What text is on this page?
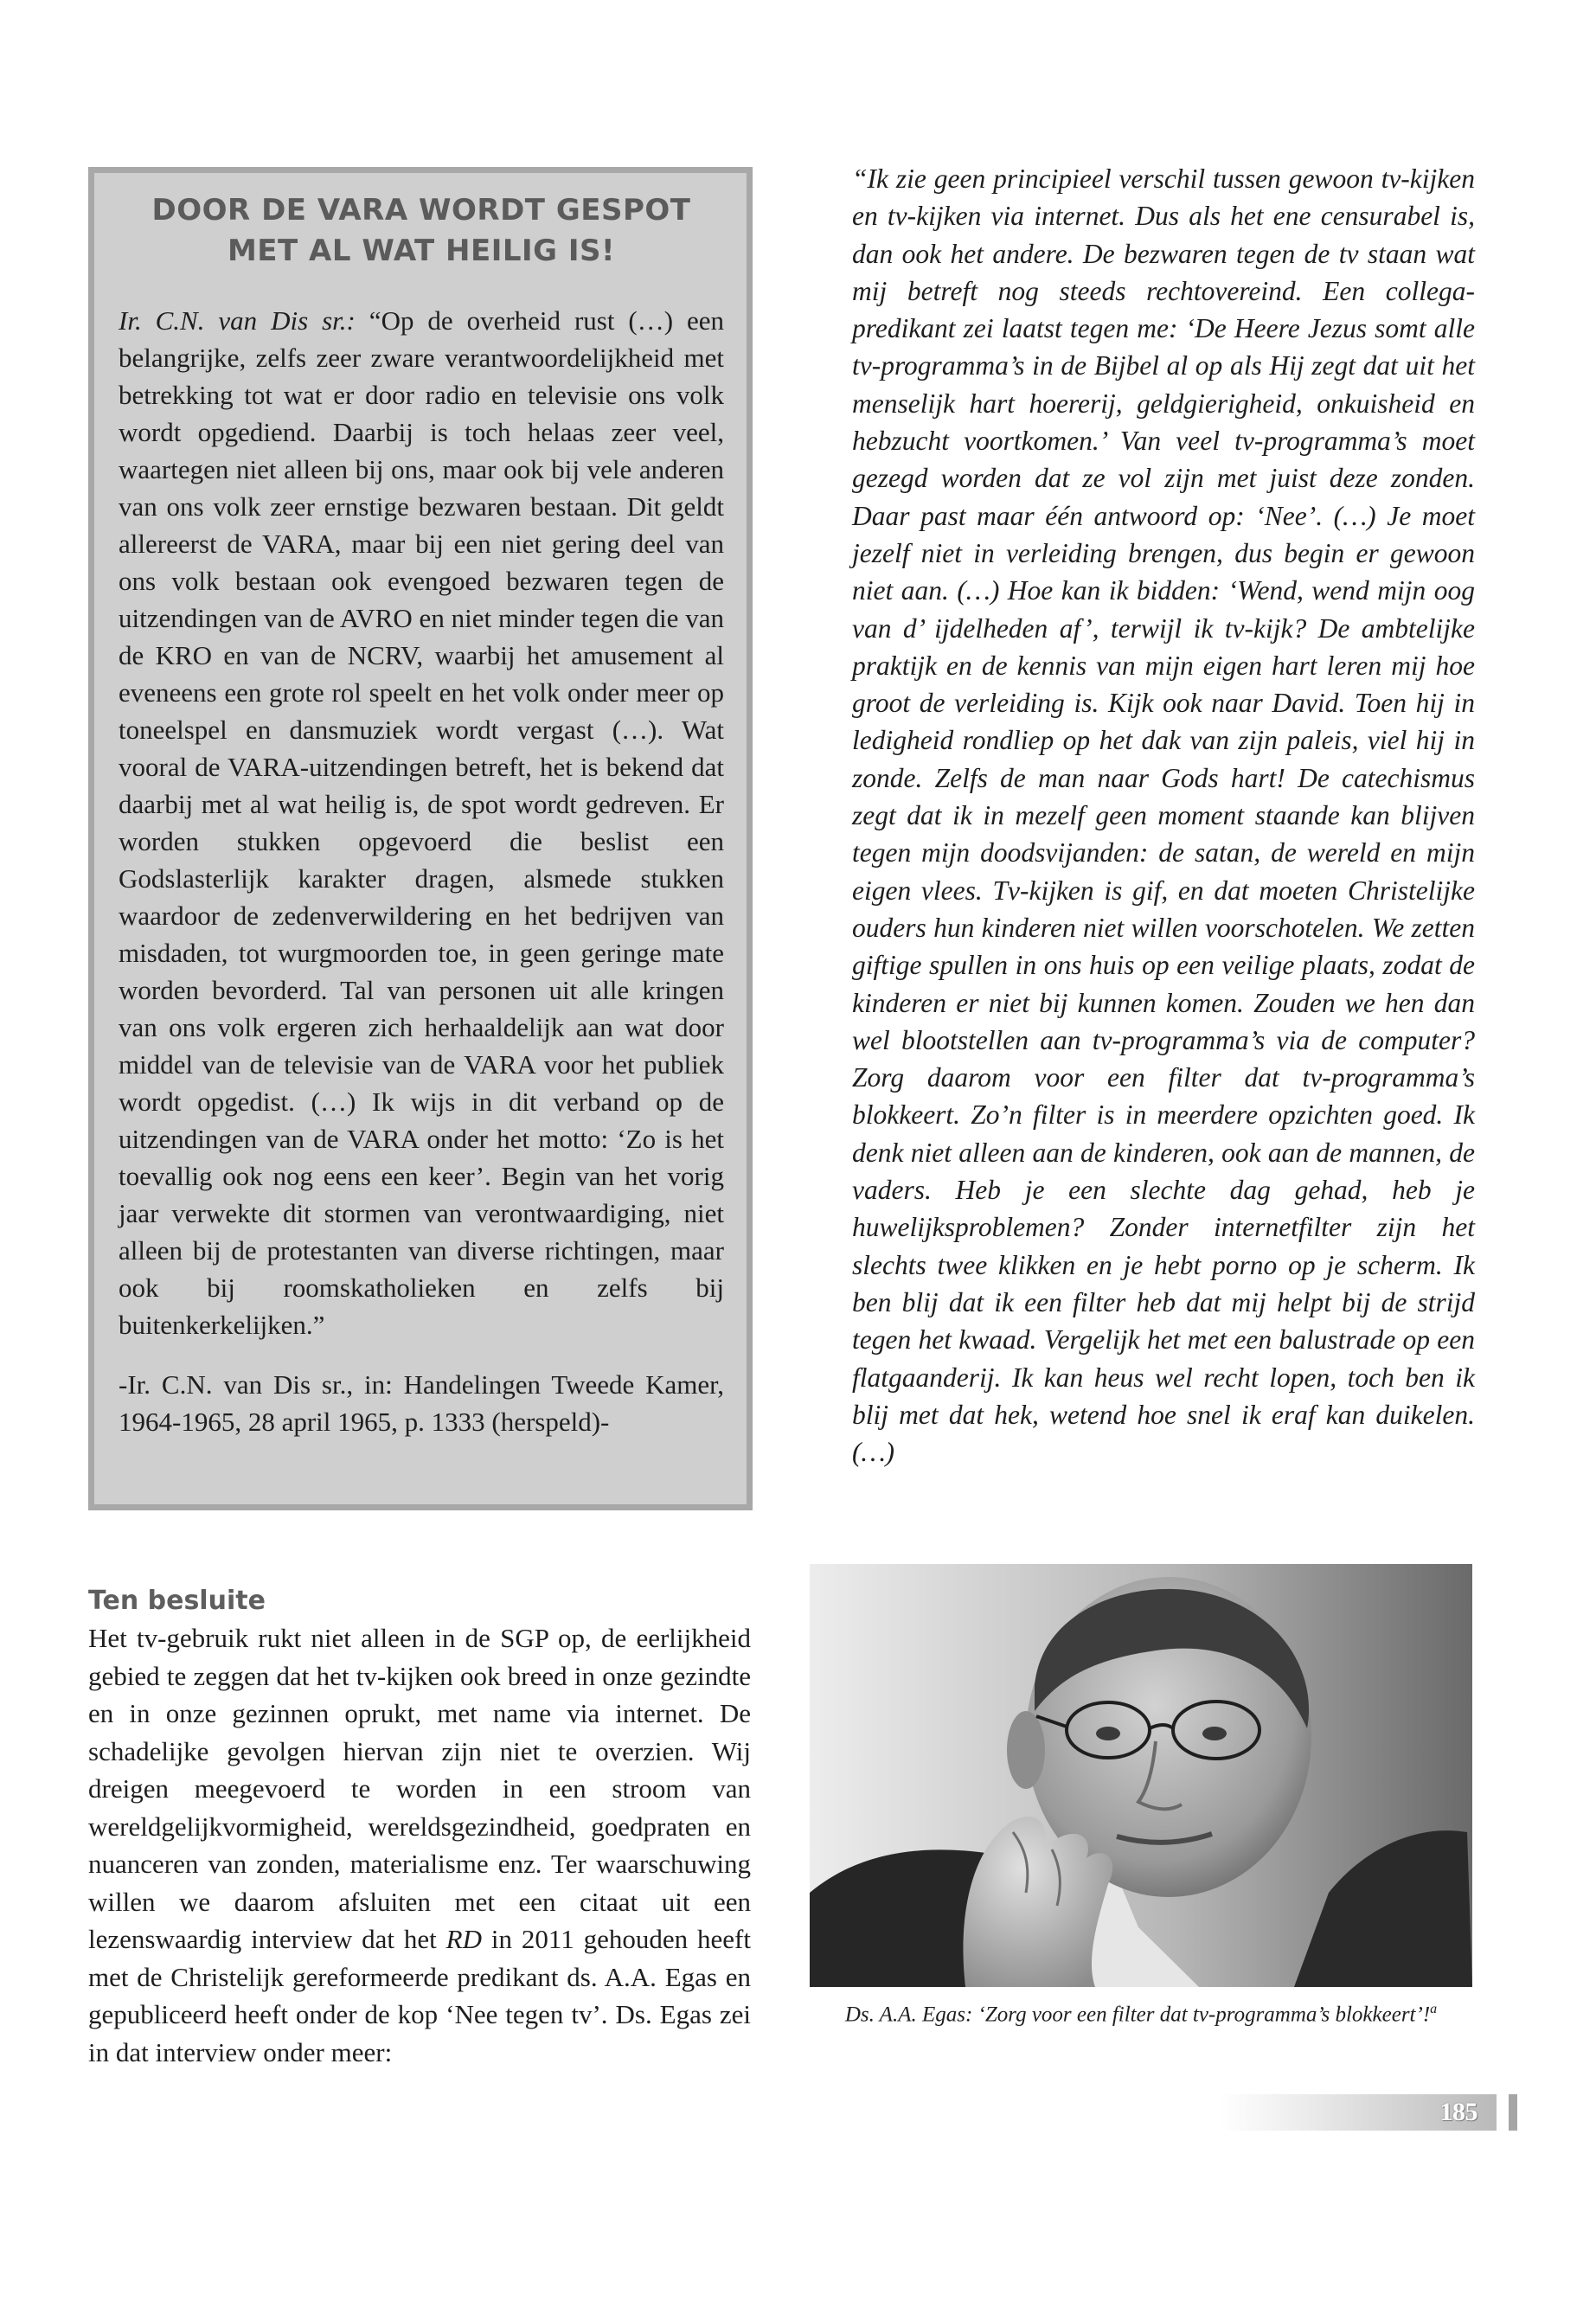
DOOR DE VARA WORDT GESPOT
MET AL WAT HEILIG IS!

Ir. C.N. van Dis sr.: “Op de overheid rust (…) een belangrijke, zelfs zeer zware verantwoordelijkheid met betrekking tot wat er door radio en televisie ons volk wordt opgediend. Daarbij is toch helaas zeer veel, waartegen niet alleen bij ons, maar ook bij vele anderen van ons volk zeer ernstige bezwaren bestaan. Dit geldt allereerst de VARA, maar bij een niet gering deel van ons volk bestaan ook evengoed bezwaren tegen de uitzendingen van de AVRO en niet minder tegen die van de KRO en van de NCRV, waarbij het amusement al eveneens een grote rol speelt en het volk onder meer op toneelspel en dansmuziek wordt vergast (…). Wat vooral de VARA-uitzendingen betreft, het is bekend dat daarbij met al wat heilig is, de spot wordt gedreven. Er worden stukken opgevoerd die beslist een Godslasterlijk karakter dragen, alsmede stukken waardoor de zedenverwildering en het bedrijven van misdaden, tot wurgmoorden toe, in geen geringe mate worden bevorderd. Tal van personen uit alle kringen van ons volk ergeren zich herhaaldelijk aan wat door middel van de televisie van de VARA voor het publiek wordt opgedist. (…) Ik wijs in dit verband op de uitzendingen van de VARA onder het motto: ‘Zo is het toevallig ook nog eens een keer’. Begin van het vorig jaar verwekte dit stormen van verontwaardiging, niet alleen bij de protestanten van diverse richtingen, maar ook bij roomskatholieken en zelfs bij buitenkerkelijken.”

-Ir. C.N. van Dis sr., in: Handelingen Tweede Kamer, 1964-1965, 28 april 1965, p. 1333 (herspeld)-

“Ik zie geen principieel verschil tussen gewoon tv-kijken en tv-kijken via internet. Dus als het ene censurabel is, dan ook het andere. De bezwaren tegen de tv staan wat mij betreft nog steeds rechtovereind. Een collega-predikant zei laatst tegen me: ‘De Heere Jezus somt alle tv-programma’s in de Bijbel al op als Hij zegt dat uit het menselijk hart hoererij, geldgierigheid, onkuisheid en hebzucht voortkomen.’ Van veel tv-programma’s moet gezegd worden dat ze vol zijn met juist deze zonden. Daar past maar één antwoord op: ‘Nee’. (…) Je moet jezelf niet in verleiding brengen, dus begin er gewoon niet aan. (…) Hoe kan ik bidden: ‘Wend, wend mijn oog van d’ ijdelheden af’, terwijl ik tv-kijk? De ambtelijke praktijk en de kennis van mijn eigen hart leren mij hoe groot de verleiding is. Kijk ook naar David. Toen hij in ledigheid rondliep op het dak van zijn paleis, viel hij in zonde. Zelfs de man naar Gods hart! De catechismus zegt dat ik in mezelf geen moment staande kan blijven tegen mijn doodsvijanden: de satan, de wereld en mijn eigen vlees. Tv-kijken is gif, en dat moeten Christelijke ouders hun kinderen niet willen voorschotelen. We zetten giftige spullen in ons huis op een veilige plaats, zodat de kinderen er niet bij kunnen komen. Zouden we hen dan wel blootstellen aan tv-programma’s via de computer? Zorg daarom voor een filter dat tv-programma’s blokkeert. Zo’n filter is in meerdere opzichten goed. Ik denk niet alleen aan de kinderen, ook aan de mannen, de vaders. Heb je een slechte dag gehad, heb je huwelijksproblemen? Zonder internetfilter zijn het slechts twee klikken en je hebt porno op je scherm. Ik ben blij dat ik een filter heb dat mij helpt bij de strijd tegen het kwaad. Vergelijk het met een balustrade op een flatgaanderij. Ik kan heus wel recht lopen, toch ben ik blij met dat hek, wetend hoe snel ik eraf kan duikelen. (…)

Ten besluite

Het tv-gebruik rukt niet alleen in de SGP op, de eerlijkheid gebied te zeggen dat het tv-kijken ook breed in onze gezindte en in onze gezinnen oprukt, met name via internet. De schadelijke gevolgen hiervan zijn niet te overzien. Wij dreigen meegevoerd te worden in een stroom van wereldgelijkvormigheid, wereldsgezindheid, goedpraten en nuanceren van zonden, materialisme enz. Ter waarschuwing willen we daarom afsluiten met een citaat uit een lezenswaardig interview dat het RD in 2011 gehouden heeft met de Christelijk gereformeerde predikant ds. A.A. Egas en gepubliceerd heeft onder de kop ‘Nee tegen tv’. Ds. Egas zei in dat interview onder meer:

Ds. A.A. Egas: ‘Zorg voor een filter dat tv-programma’s blokkeert’!$^a$

185
